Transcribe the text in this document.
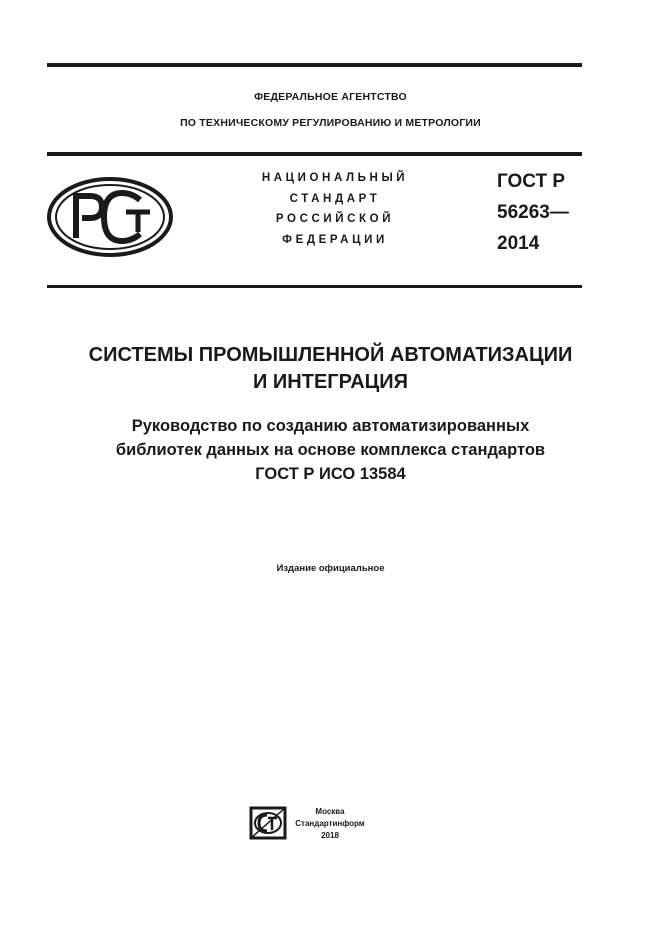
ФЕДЕРАЛЬНОЕ АГЕНТСТВО
ПО ТЕХНИЧЕСКОМУ РЕГУЛИРОВАНИЮ И МЕТРОЛОГИИ
НАЦИОНАЛЬНЫЙ
СТАНДАРТ
РОССИЙСКОЙ
ФЕДЕРАЦИИ
ГОСТ Р
56263—
2014
СИСТЕМЫ ПРОМЫШЛЕННОЙ АВТОМАТИЗАЦИИ
И ИНТЕГРАЦИЯ
Руководство по созданию автоматизированных
библиотек данных на основе комплекса стандартов
ГОСТ Р ИСО 13584
Издание официальное
Москва
Стандартинформ
2018
